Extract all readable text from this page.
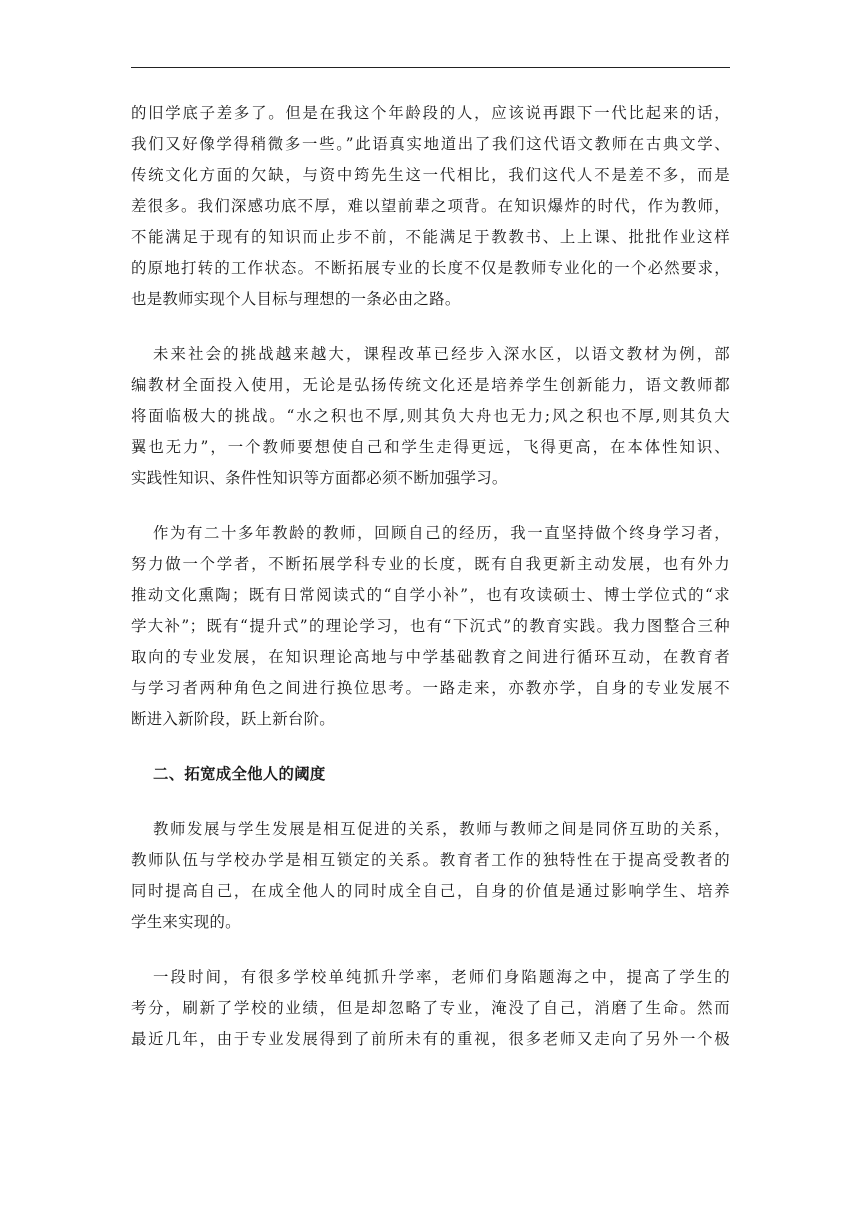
的旧学底子差多了。但是在我这个年龄段的人，应该说再跟下一代比起来的话，
我们又好像学得稍微多一些。”此语真实地道出了我们这代语文教师在古典文学、
传统文化方面的欠缺，与资中筠先生这一代相比，我们这代人不是差不多，而是
差很多。我们深感功底不厚，难以望前辈之项背。在知识爆炸的时代，作为教师，
不能满足于现有的知识而止步不前，不能满足于教教书、上上课、批批作业这样
的原地打转的工作状态。不断拓展专业的长度不仅是教师专业化的一个必然要求，
也是教师实现个人目标与理想的一条必由之路。
未来社会的挑战越来越大，课程改革已经步入深水区，以语文教材为例，部
编教材全面投入使用，无论是弘扬传统文化还是培养学生创新能力，语文教师都
将面临极大的挑战。“水之积也不厚,则其负大舟也无力;风之积也不厚,则其负大
翼也无力”，一个教师要想使自己和学生走得更远，飞得更高，在本体性知识、
实践性知识、条件性知识等方面都必须不断加强学习。
作为有二十多年教龄的教师，回顾自己的经历，我一直坚持做个终身学习者，
努力做一个学者，不断拓展学科专业的长度，既有自我更新主动发展，也有外力
推动文化熏陶；既有日常阅读式的“自学小补”，也有攻读硕士、博士学位式的“求
学大补”；既有“提升式”的理论学习，也有“下沉式”的教育实践。我力图整合三种
取向的专业发展，在知识理论高地与中学基础教育之间进行循环互动，在教育者
与学习者两种角色之间进行换位思考。一路走来，亦教亦学，自身的专业发展不
断进入新阶段，跃上新台阶。
二、拓宽成全他人的阈度
教师发展与学生发展是相互促进的关系，教师与教师之间是同侪互助的关系，
教师队伍与学校办学是相互锁定的关系。教育者工作的独特性在于提高受教者的
同时提高自己，在成全他人的同时成全自己，自身的价值是通过影响学生、培养
学生来实现的。
一段时间，有很多学校单纯抓升学率，老师们身陷题海之中，提高了学生的
考分，刷新了学校的业绩，但是却忽略了专业，淹没了自己，消磨了生命。然而
最近几年，由于专业发展得到了前所未有的重视，很多老师又走向了另外一个极
